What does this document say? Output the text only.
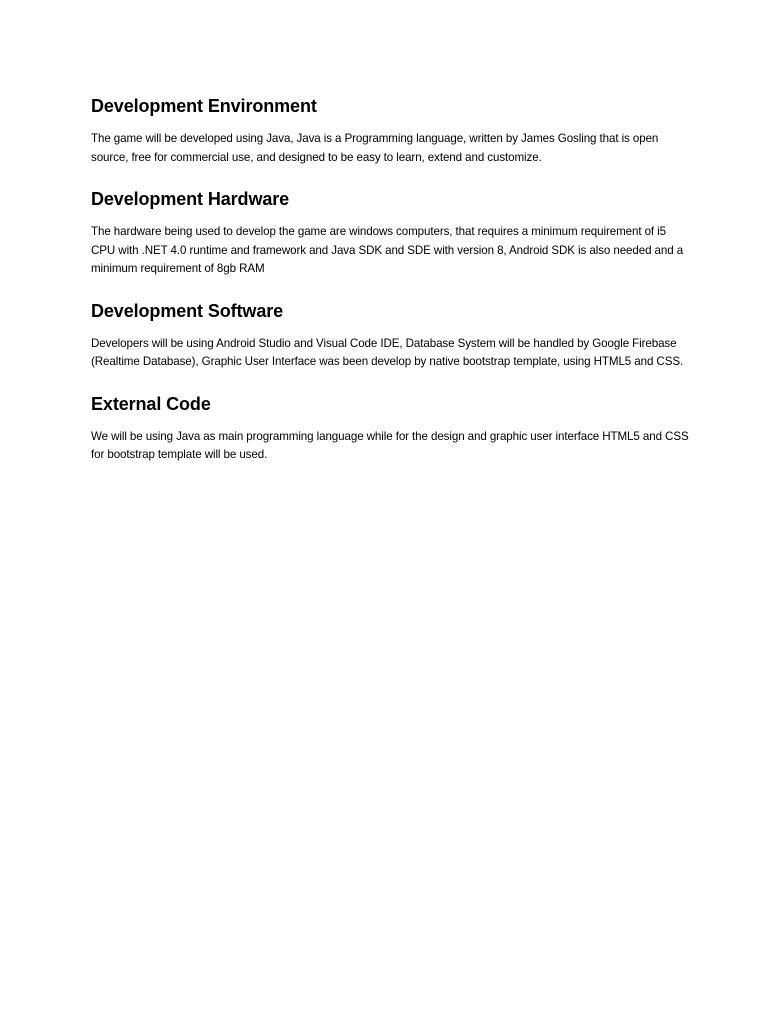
Development Environment

The game will be developed using Java, Java is a Programming language, written by James Gosling that is open source, free for commercial use, and designed to be easy to learn, extend and customize.

Development Hardware

The hardware being used to develop the game are windows computers, that requires a minimum requirement of i5 CPU with .NET 4.0 runtime and framework and Java SDK and SDE with version 8, Android SDK is also needed and a minimum requirement of 8gb RAM

Development Software

Developers will be using Android Studio and Visual Code IDE, Database System will be handled by Google Firebase (Realtime Database), Graphic User Interface was been develop by native bootstrap template, using HTML5 and CSS.

External Code

We will be using Java as main programming language while for the design and graphic user interface HTML5 and CSS for bootstrap template will be used.
